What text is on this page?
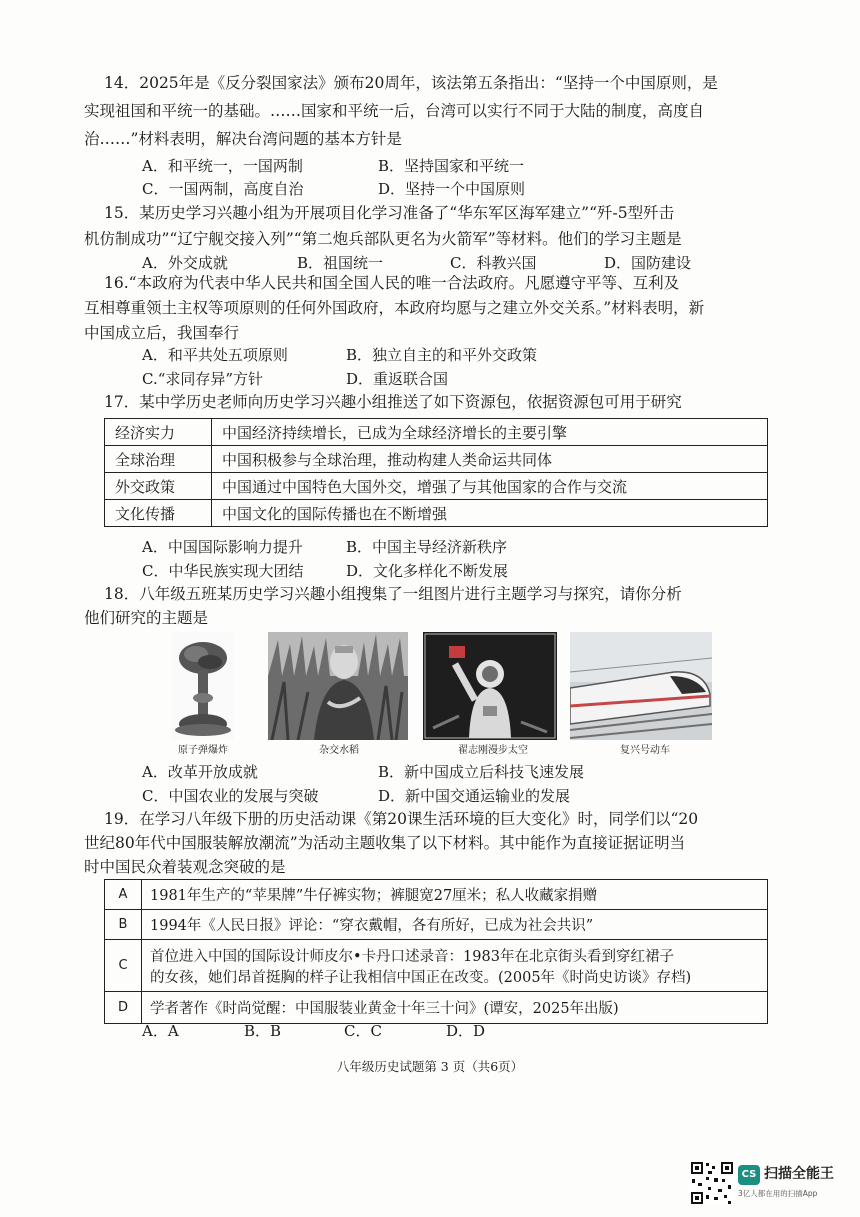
14．2025年是《反分裂国家法》颁布20周年，该法第五条指出：“坚持一个中国原则，是
实现祖国和平统一的基础。……国家和平统一后，台湾可以实行不同于大陆的制度，高度自
治……”材料表明，解决台湾问题的基本方针是
A．和平统一，一国两制	B．坚持国家和平统一
C．一国两制，高度自治	D．坚持一个中国原则
15．某历史学习兴趣小组为开展项目化学习准备了“华东军区海军建立”“歼-5型歼击
机仿制成功”“辽宁舰交接入列”“第二炮兵部队更名为火箭军”等材料。他们的学习主题是
A．外交成就	B．祖国统一	C．科教兴国	D．国防建设
16.“本政府为代表中华人民共和国全国人民的唯一合法政府。凡愿遵守平等、互利及
互相尊重领土主权等项原则的任何外国政府，本政府均愿与之建立外交关系。”材料表明，新
中国成立后，我国奉行
A．和平共处五项原则	B．独立自主的和平外交政策
C.“求同存异”方针	D．重返联合国
17．某中学历史老师向历史学习兴趣小组推送了如下资源包，依据资源包可用于研究
经济实力	中国经济持续增长，已成为全球经济增长的主要引擎
全球治理	中国积极参与全球治理，推动构建人类命运共同体
外交政策	中国通过中国特色大国外交，增强了与其他国家的合作与交流
文化传播	中国文化的国际传播也在不断增强
A．中国国际影响力提升	B．中国主导经济新秩序
C．中华民族实现大团结	D．文化多样化不断发展
18．八年级五班某历史学习兴趣小组搜集了一组图片进行主题学习与探究，请你分析
他们研究的主题是
原子弹爆炸	杂交水稻	翟志刚漫步太空	复兴号动车
A．改革开放成就	B．新中国成立后科技飞速发展
C．中国农业的发展与突破	D．新中国交通运输业的发展
19．在学习八年级下册的历史活动课《第20课生活环境的巨大变化》时，同学们以“20
世纪80年代中国服装解放潮流”为活动主题收集了以下材料。其中能作为直接证据证明当
时中国民众着装观念突破的是
A	1981年生产的“苹果牌”牛仔裤实物；裤腿宽27厘米；私人收藏家捐赠
B	1994年《人民日报》评论：“穿衣戴帽，各有所好，已成为社会共识”
C	首位进入中国的国际设计师皮尔•卡丹口述录音：1983年在北京街头看到穿红裙子
的女孩，她们昂首挺胸的样子让我相信中国正在改变。(2005年《时尚史访谈》存档)

D	学者著作《时尚觉醒：中国服装业黄金十年三十问》(谭安，2025年出版)
A．A	B．B	C．C	D．D
八年级历史试题第 3 页（共6页）
CS 扫描全能王
3亿人都在用的扫描App
